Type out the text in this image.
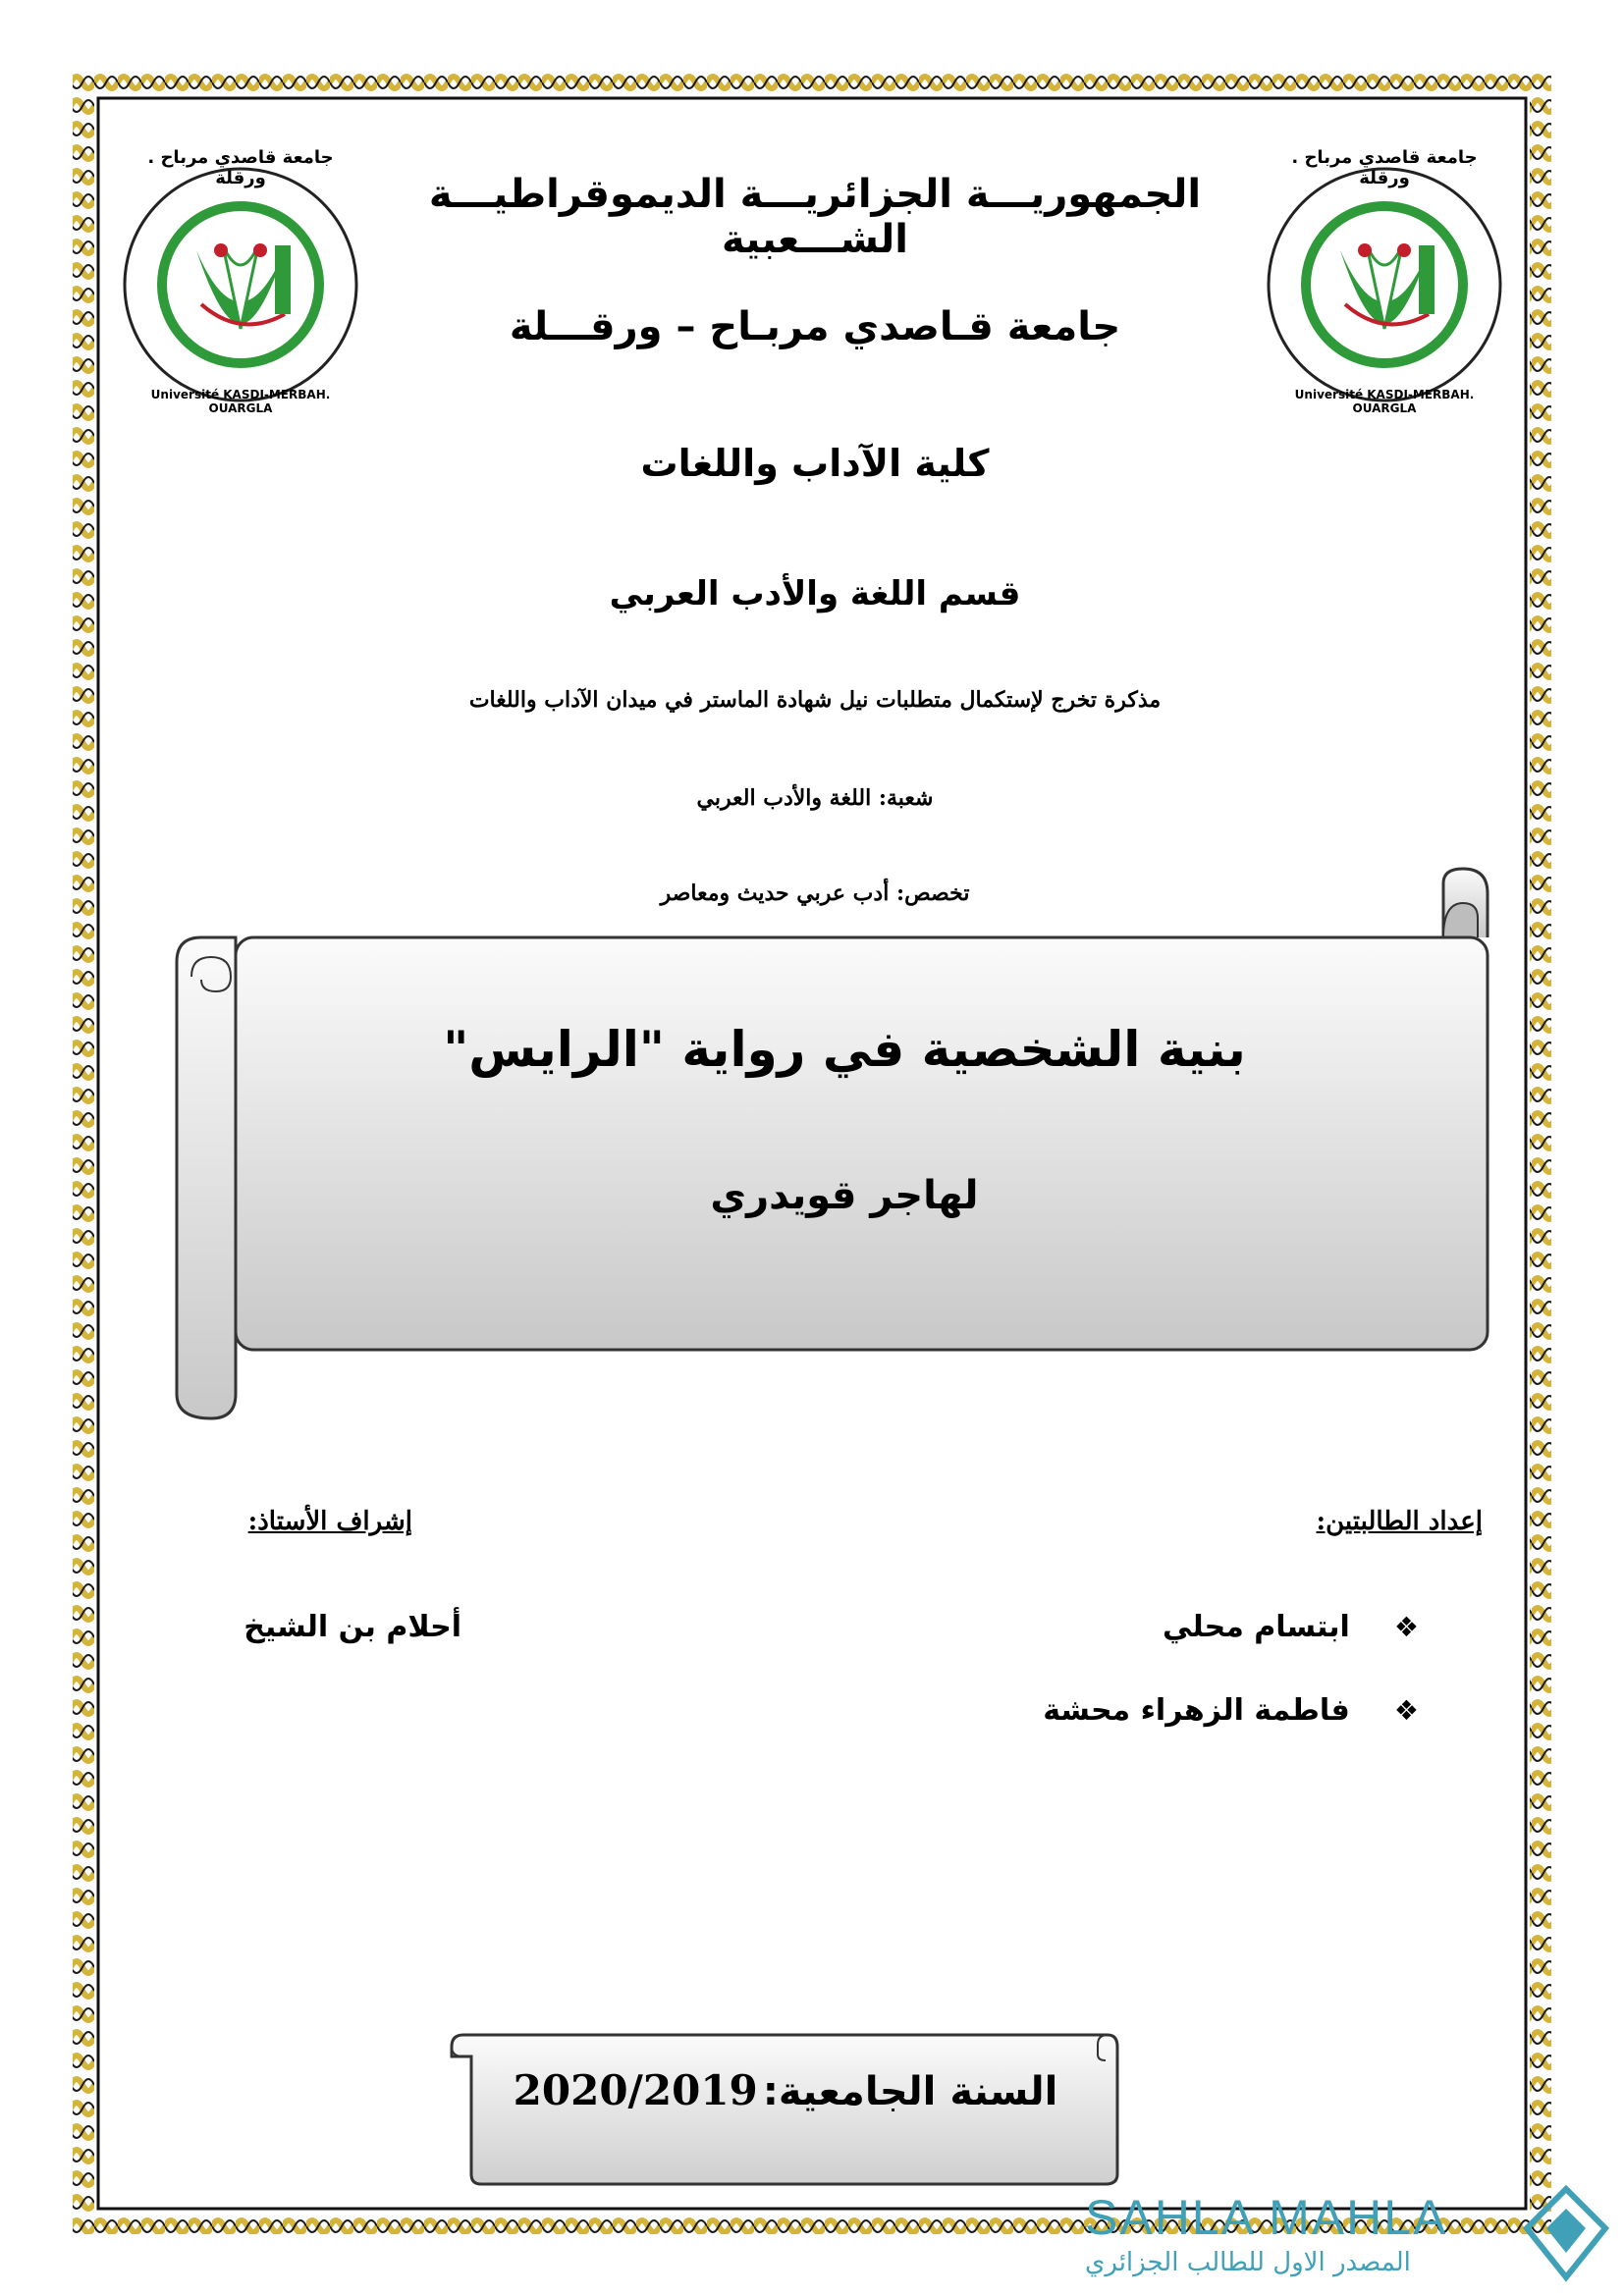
جامعة قاصدي مرباح . ورقلة
Université KASDI-MERBAH. OUARGLA
جامعة قاصدي مرباح . ورقلة
Université KASDI-MERBAH. OUARGLA
الجمهوريـــة الجزائريـــة الديموقراطيـــة الشـــعبية
جامعة قـاصدي مربـاح – ورقـــلة
كلية الآداب واللغات
قسم اللغة والأدب العربي
مذكرة تخرج لإستكمال متطلبات نيل شهادة الماستر في ميدان الآداب واللغات
شعبة: اللغة والأدب العربي
تخصص: أدب عربي حديث ومعاصر
بنية الشخصية في رواية "الرايس"
لهاجر قويدري
إعداد الطالبتين:
❖ ابتسام محلي
❖ فاطمة الزهراء محشة
إشراف الأستاذ:
أحلام بن الشيخ
السنة الجامعية: 2020/2019
SAHLA MAHLA
المصدر الاول للطالب الجزائري
